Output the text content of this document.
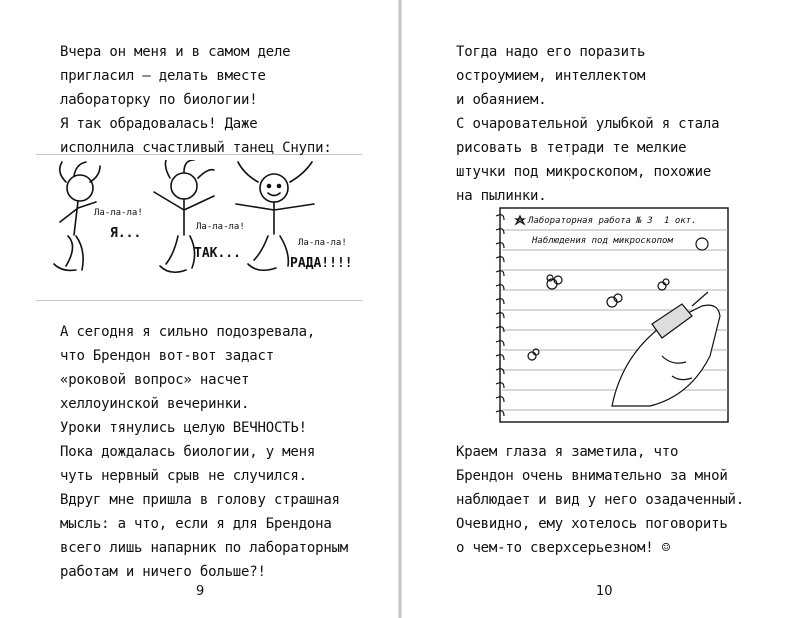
Вчера он меня и в самом деле
пригласил — делать вместе
лабораторку по биологии!
Я так обрадовалась! Даже
исполнила счастливый танец Снупи:
Ла-ла-ла!
Ла-ла-ла!
Ла-ла-ла!
Я...
ТАК...
РАДА!!!!
А сегодня я сильно подозревала,
что Брендон вот-вот задаст
«роковой вопрос» насчет
хеллоуинской вечеринки.
Уроки тянулись целую ВЕЧНОСТЬ!
Пока дождалась биологии, у меня
чуть нервный срыв не случился.
Вдруг мне пришла в голову страшная
мысль: а что, если я для Брендона
всего лишь напарник по лабораторным
работам и ничего больше?!
9
Тогда надо его поразить
остроумием, интеллектом
и обаянием.
С очаровательной улыбкой я стала
рисовать в тетради те мелкие
штучки под микроскопом, похожие
на пылинки.
Лабораторная работа № 3 1 окт.
Наблюдения под микроскопом
Краем глаза я заметила, что
Брендон очень внимательно за мной
наблюдает и вид у него озадаченный.
Очевидно, ему хотелось поговорить
о чем-то сверхсерьезном! ☺
10
